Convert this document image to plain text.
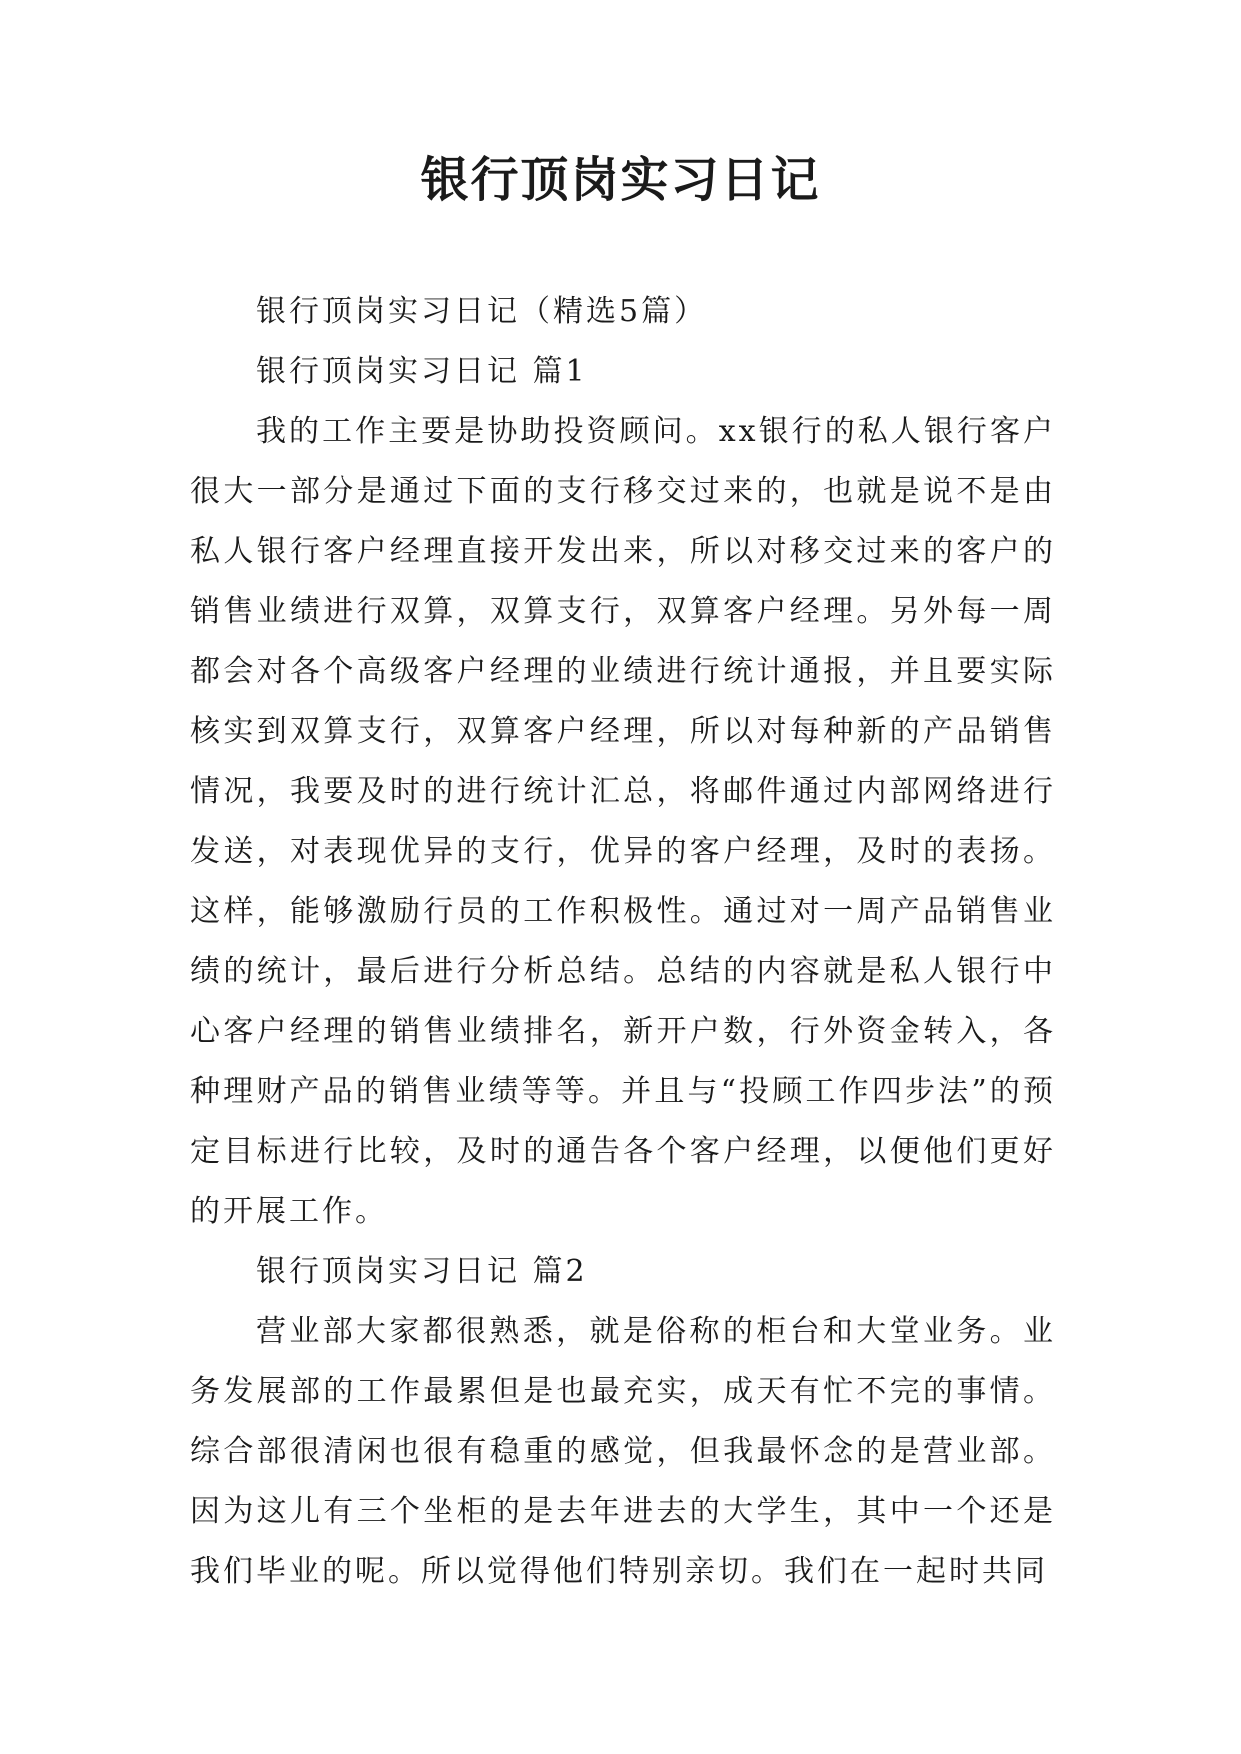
银行顶岗实习日记

银行顶岗实习日记（精选5篇）

银行顶岗实习日记 篇1

我的工作主要是协助投资顾问。xx银行的私人银行客户很大一部分是通过下面的支行移交过来的，也就是说不是由私人银行客户经理直接开发出来，所以对移交过来的客户的销售业绩进行双算，双算支行，双算客户经理。另外每一周都会对各个高级客户经理的业绩进行统计通报，并且要实际核实到双算支行，双算客户经理，所以对每种新的产品销售情况，我要及时的进行统计汇总，将邮件通过内部网络进行发送，对表现优异的支行，优异的客户经理，及时的表扬。这样，能够激励行员的工作积极性。通过对一周产品销售业绩的统计，最后进行分析总结。总结的内容就是私人银行中心客户经理的销售业绩排名，新开户数，行外资金转入，各种理财产品的销售业绩等等。并且与“投顾工作四步法”的预定目标进行比较，及时的通告各个客户经理，以便他们更好的开展工作。

银行顶岗实习日记 篇2

营业部大家都很熟悉，就是俗称的柜台和大堂业务。业务发展部的工作最累但是也最充实，成天有忙不完的事情。综合部很清闲也很有稳重的感觉，但我最怀念的是营业部。因为这儿有三个坐柜的是去年进去的大学生，其中一个还是我们毕业的呢。所以觉得他们特别亲切。我们在一起时共同
